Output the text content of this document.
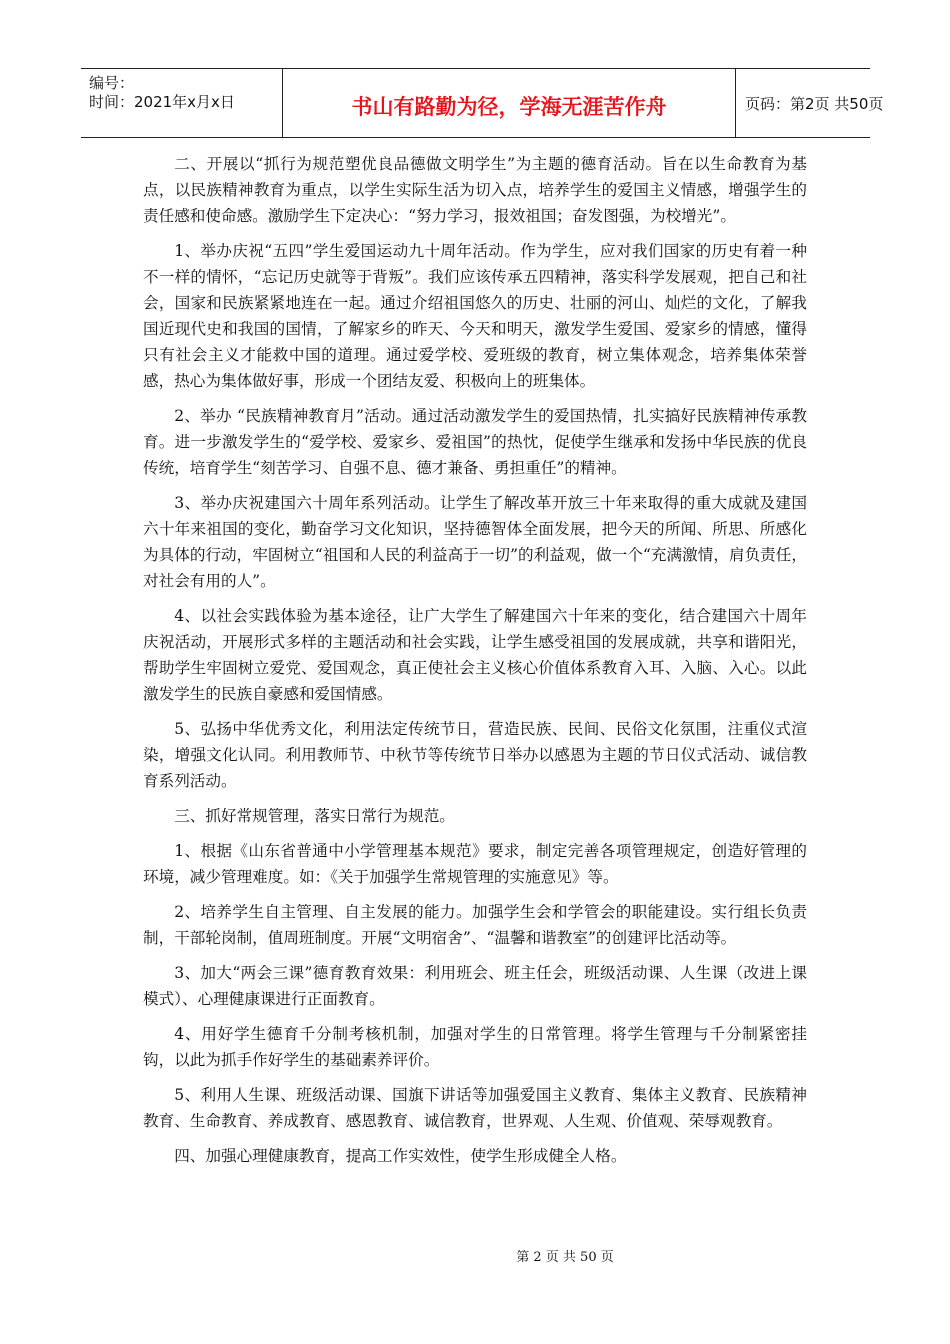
编号：
时间：2021年x月x日	书山有路勤为径，学海无涯苦作舟	页码：第2页 共50页

二、开展以“抓行为规范塑优良品德做文明学生”为主题的德育活动。旨在以生命教育为基点，以民族精神教育为重点，以学生实际生活为切入点，培养学生的爱国主义情感，增强学生的责任感和使命感。激励学生下定决心：“努力学习，报效祖国；奋发图强，为校增光”。

1、举办庆祝“五四”学生爱国运动九十周年活动。作为学生，应对我们国家的历史有着一种不一样的情怀，“忘记历史就等于背叛”。我们应该传承五四精神，落实科学发展观，把自己和社会，国家和民族紧紧地连在一起。通过介绍祖国悠久的历史、壮丽的河山、灿烂的文化，了解我国近现代史和我国的国情，了解家乡的昨天、今天和明天，激发学生爱国、爱家乡的情感，懂得只有社会主义才能救中国的道理。通过爱学校、爱班级的教育，树立集体观念，培养集体荣誉感，热心为集体做好事，形成一个团结友爱、积极向上的班集体。

2、举办 “民族精神教育月”活动。通过活动激发学生的爱国热情，扎实搞好民族精神传承教育。进一步激发学生的“爱学校、爱家乡、爱祖国”的热忱，促使学生继承和发扬中华民族的优良传统，培育学生“刻苦学习、自强不息、德才兼备、勇担重任”的精神。

3、举办庆祝建国六十周年系列活动。让学生了解改革开放三十年来取得的重大成就及建国六十年来祖国的变化，勤奋学习文化知识，坚持德智体全面发展，把今天的所闻、所思、所感化为具体的行动，牢固树立“祖国和人民的利益高于一切”的利益观，做一个“充满激情，肩负责任，对社会有用的人”。

4、以社会实践体验为基本途径，让广大学生了解建国六十年来的变化，结合建国六十周年庆祝活动，开展形式多样的主题活动和社会实践，让学生感受祖国的发展成就，共享和谐阳光，帮助学生牢固树立爱党、爱国观念，真正使社会主义核心价值体系教育入耳、入脑、入心。以此激发学生的民族自豪感和爱国情感。

5、弘扬中华优秀文化，利用法定传统节日，营造民族、民间、民俗文化氛围，注重仪式渲染，增强文化认同。利用教师节、中秋节等传统节日举办以感恩为主题的节日仪式活动、诚信教育系列活动。

三、抓好常规管理，落实日常行为规范。

1、根据《山东省普通中小学管理基本规范》要求，制定完善各项管理规定，创造好管理的环境，减少管理难度。如：《关于加强学生常规管理的实施意见》等。

2、培养学生自主管理、自主发展的能力。加强学生会和学管会的职能建设。实行组长负责制，干部轮岗制，值周班制度。开展“文明宿舍”、“温馨和谐教室”的创建评比活动等。

3、加大“两会三课”德育教育效果：利用班会、班主任会，班级活动课、人生课（改进上课模式）、心理健康课进行正面教育。

4、用好学生德育千分制考核机制，加强对学生的日常管理。将学生管理与千分制紧密挂钩，以此为抓手作好学生的基础素养评价。

5、利用人生课、班级活动课、国旗下讲话等加强爱国主义教育、集体主义教育、民族精神教育、生命教育、养成教育、感恩教育、诚信教育，世界观、人生观、价值观、荣辱观教育。

四、加强心理健康教育，提高工作实效性，使学生形成健全人格。

第 2 页 共 50 页
